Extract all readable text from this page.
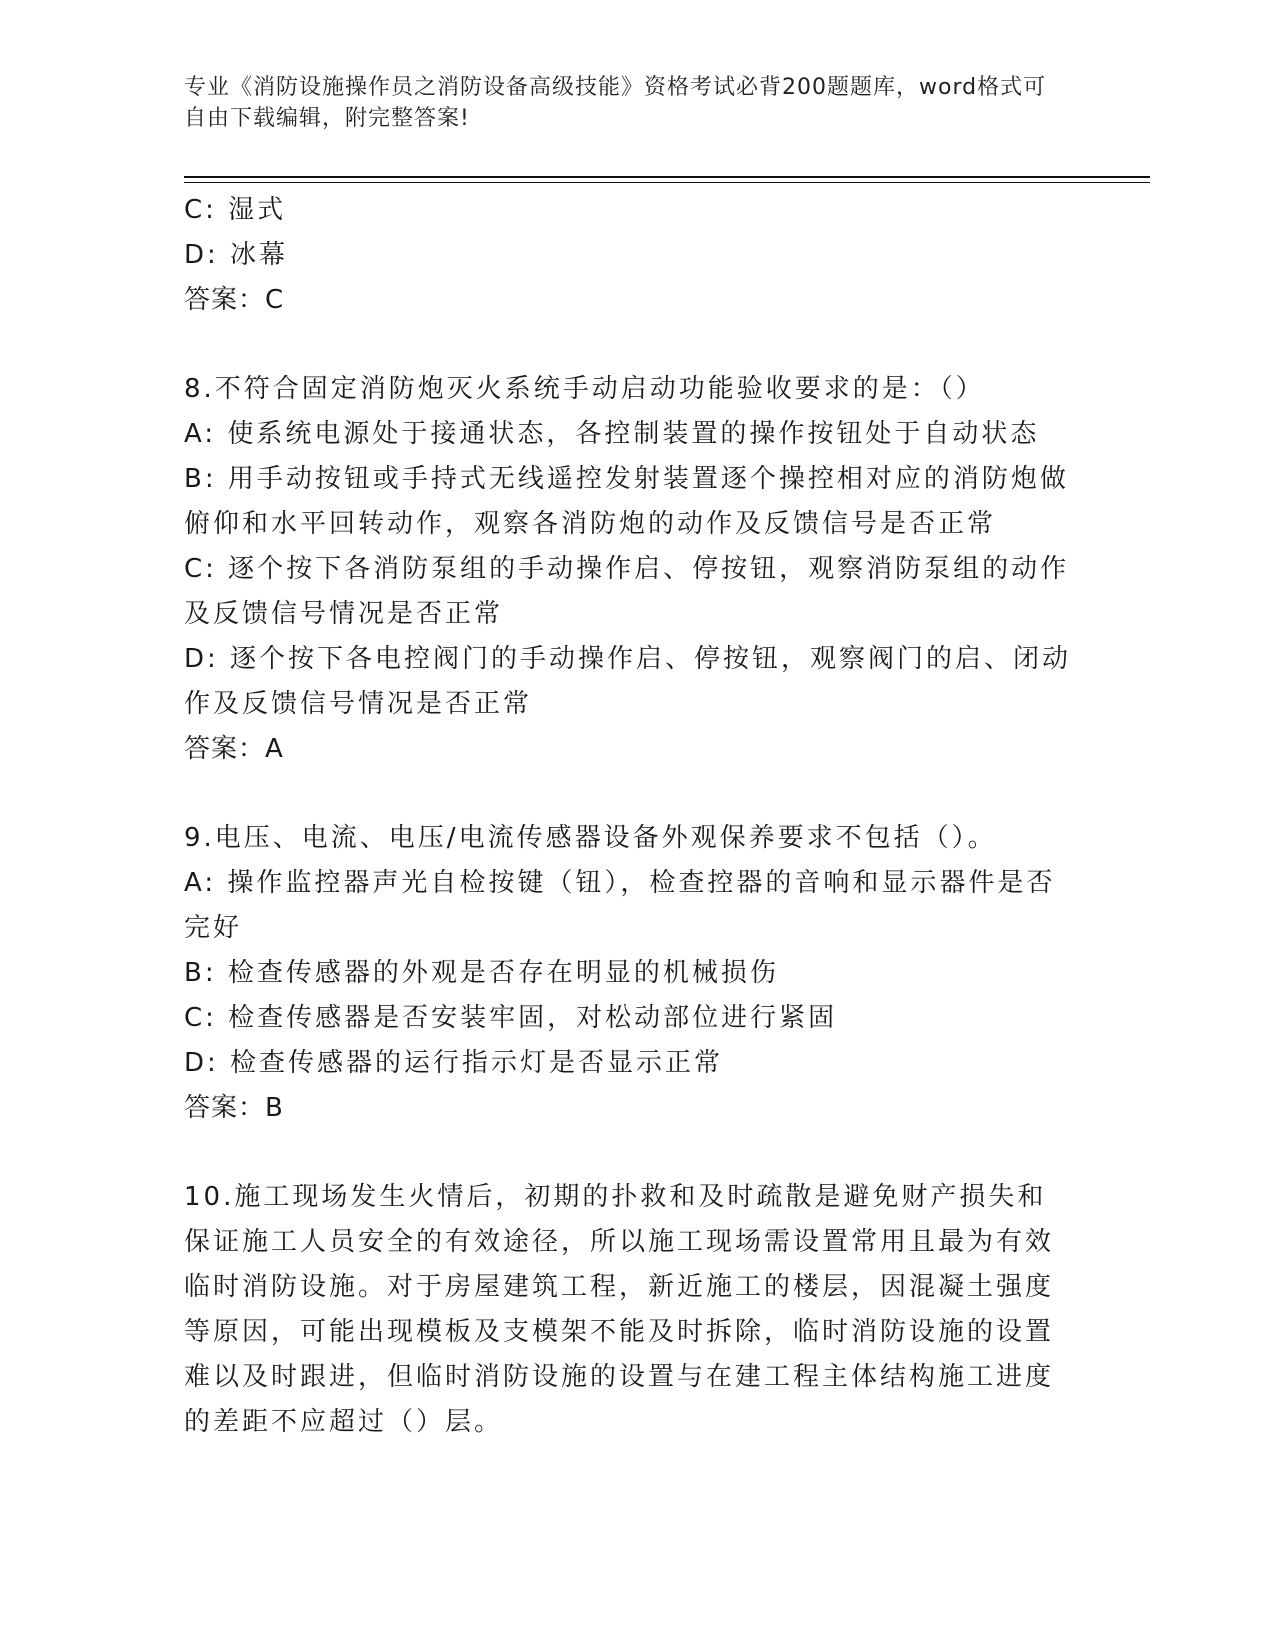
专业《消防设施操作员之消防设备高级技能》资格考试必背200题题库，word格式可自由下载编辑，附完整答案!

C: 湿式

D: 冰幕

答案：C

8.不符合固定消防炮灭火系统手动启动功能验收要求的是：（）

A: 使系统电源处于接通状态，各控制装置的操作按钮处于自动状态

B: 用手动按钮或手持式无线遥控发射装置逐个操控相对应的消防炮做俯仰和水平回转动作，观察各消防炮的动作及反馈信号是否正常

C: 逐个按下各消防泵组的手动操作启、停按钮，观察消防泵组的动作及反馈信号情况是否正常

D: 逐个按下各电控阀门的手动操作启、停按钮，观察阀门的启、闭动作及反馈信号情况是否正常

答案：A

9.电压、电流、电压/电流传感器设备外观保养要求不包括（）。

A: 操作监控器声光自检按键（钮），检查控器的音响和显示器件是否完好

B: 检查传感器的外观是否存在明显的机械损伤

C: 检查传感器是否安装牢固，对松动部位进行紧固

D: 检查传感器的运行指示灯是否显示正常

答案：B

10.施工现场发生火情后，初期的扑救和及时疏散是避免财产损失和保证施工人员安全的有效途径，所以施工现场需设置常用且最为有效临时消防设施。对于房屋建筑工程，新近施工的楼层，因混凝土强度等原因，可能出现模板及支模架不能及时拆除，临时消防设施的设置难以及时跟进，但临时消防设施的设置与在建工程主体结构施工进度的差距不应超过（）层。
